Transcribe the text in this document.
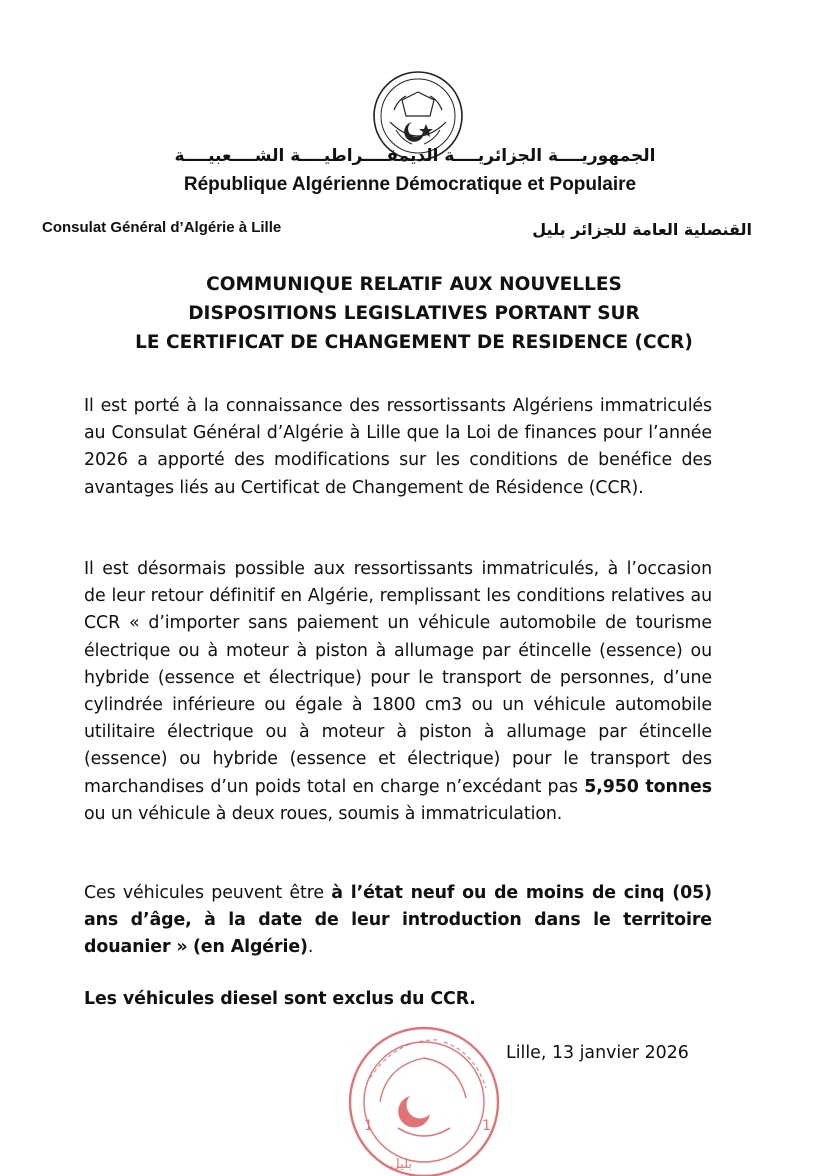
الجمهوريــــة الجزائريــــة الديمقــــراطيــــة الشــــعبيــــة
République Algérienne Démocratique et Populaire
Consulat Général d’Algérie à Lille	القنصلية العامة للجزائر بليل
COMMUNIQUE RELATIF AUX NOUVELLES
DISPOSITIONS LEGISLATIVES PORTANT SUR
LE CERTIFICAT DE CHANGEMENT DE RESIDENCE (CCR)

Il est porté à la connaissance des ressortissants Algériens immatriculés au Consulat Général d’Algérie à Lille que la Loi de finances pour l’année 2026 a apporté des modifications sur les conditions de benéfice des avantages liés au Certificat de Changement de Résidence (CCR).

Il est désormais possible aux ressortissants immatriculés, à l’occasion de leur retour définitif en Algérie, remplissant les conditions relatives au CCR « d’importer sans paiement un véhicule automobile de tourisme électrique ou à moteur à piston à allumage par étincelle (essence) ou hybride (essence et électrique) pour le transport de personnes, d’une cylindrée inférieure ou égale à 1800 cm3 ou un véhicule automobile utilitaire électrique ou à moteur à piston à allumage par étincelle (essence) ou hybride (essence et électrique) pour le transport des marchandises d’un poids total en charge n’excédant pas 5,950 tonnes ou un véhicule à deux roues, soumis à immatriculation.

Ces véhicules peuvent être à l’état neuf ou de moins de cinq (05) ans d’âge, à la date de leur introduction dans le territoire douanier » (en Algérie).

Les véhicules diesel sont exclus du CCR.

Lille, 13 janvier 2026
1	1
بليل
